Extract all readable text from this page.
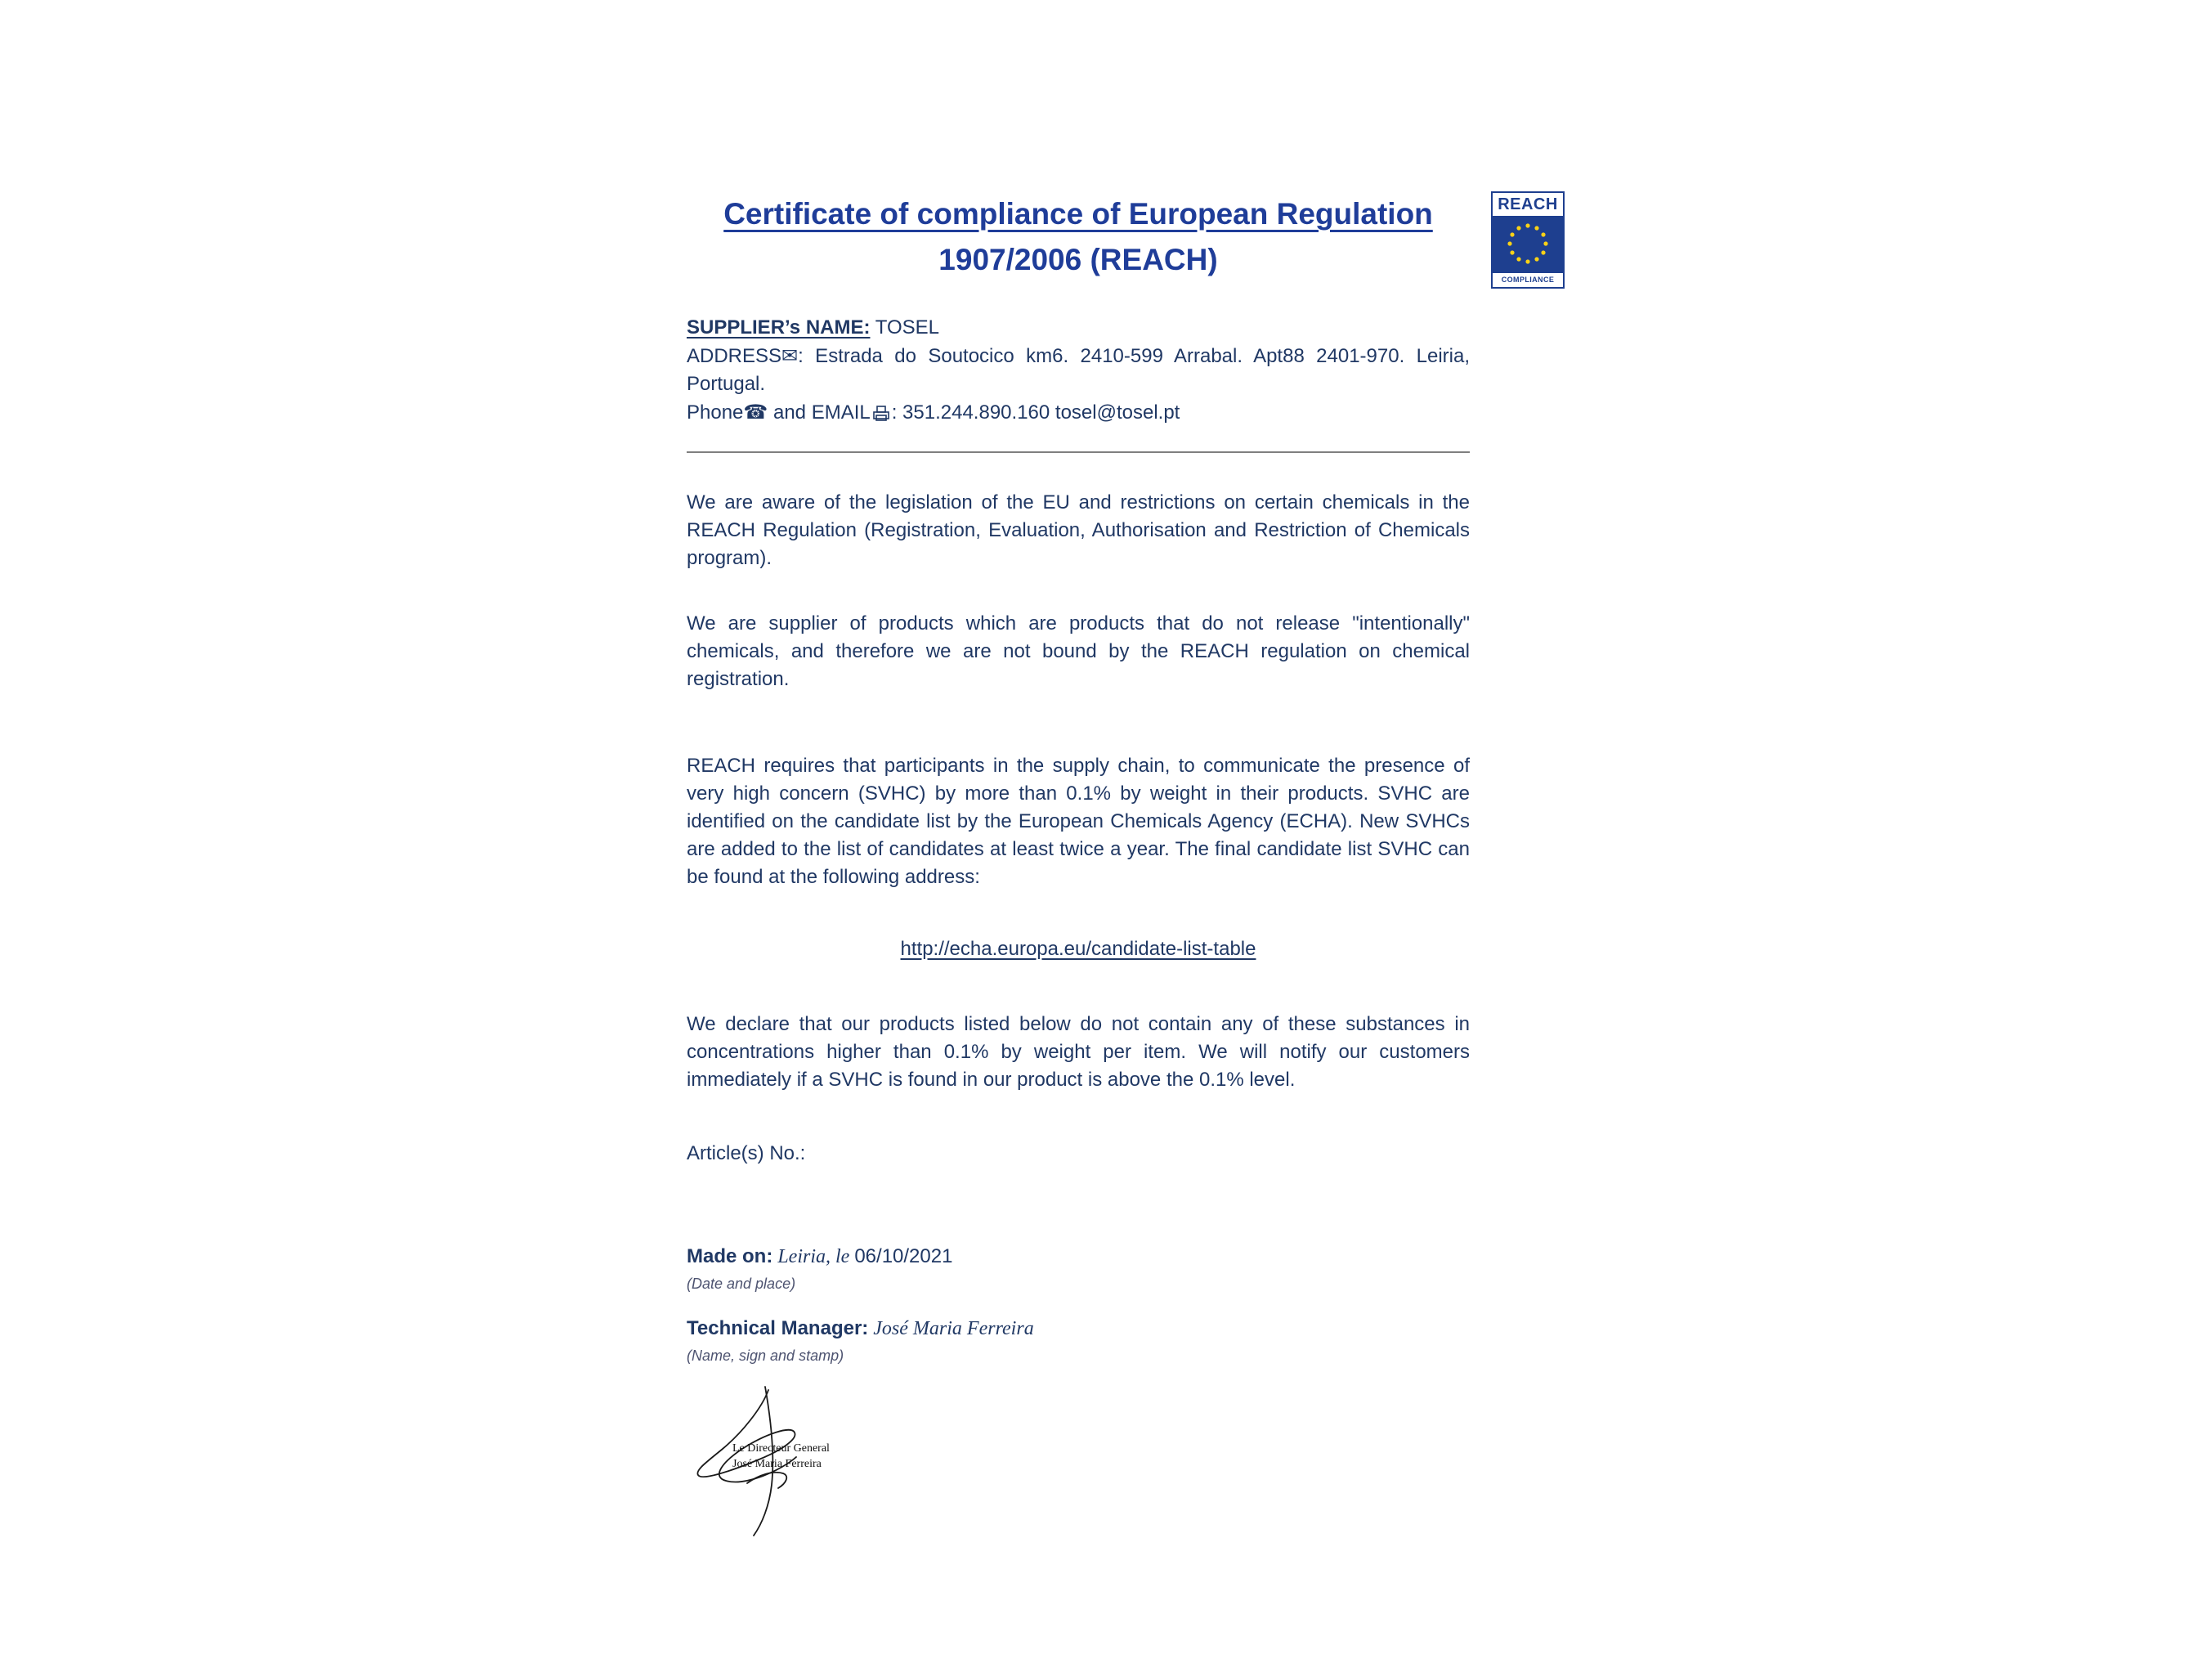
REACH
COMPLIANCE
Certificate of compliance of European Regulation
1907/2006 (REACH)
SUPPLIER’s NAME: TOSEL
ADDRESS✉: Estrada do Soutocico km6. 2410-599 Arrabal. Apt88 2401-970. Leiria, Portugal.
Phone☎ and EMAIL : 351.244.890.160 tosel@tosel.pt

We are aware of the legislation of the EU and restrictions on certain chemicals in the REACH Regulation (Registration, Evaluation, Authorisation and Restriction of Chemicals program).

We are supplier of products which are products that do not release "intentionally" chemicals, and therefore we are not bound by the REACH regulation on chemical registration.

REACH requires that participants in the supply chain, to communicate the presence of very high concern (SVHC) by more than 0.1% by weight in their products. SVHC are identified on the candidate list by the European Chemicals Agency (ECHA). New SVHCs are added to the list of candidates at least twice a year. The final candidate list SVHC can be found at the following address:

http://echa.europa.eu/candidate-list-table

We declare that our products listed below do not contain any of these substances in concentrations higher than 0.1% by weight per item. We will notify our customers immediately if a SVHC is found in our product is above the 0.1% level.

Article(s) No.:

Made on: Leiria, le 06/10/2021

(Date and place)

Technical Manager: José Maria Ferreira

(Name, sign and stamp)

Le Directeur General
José Maria Ferreira
